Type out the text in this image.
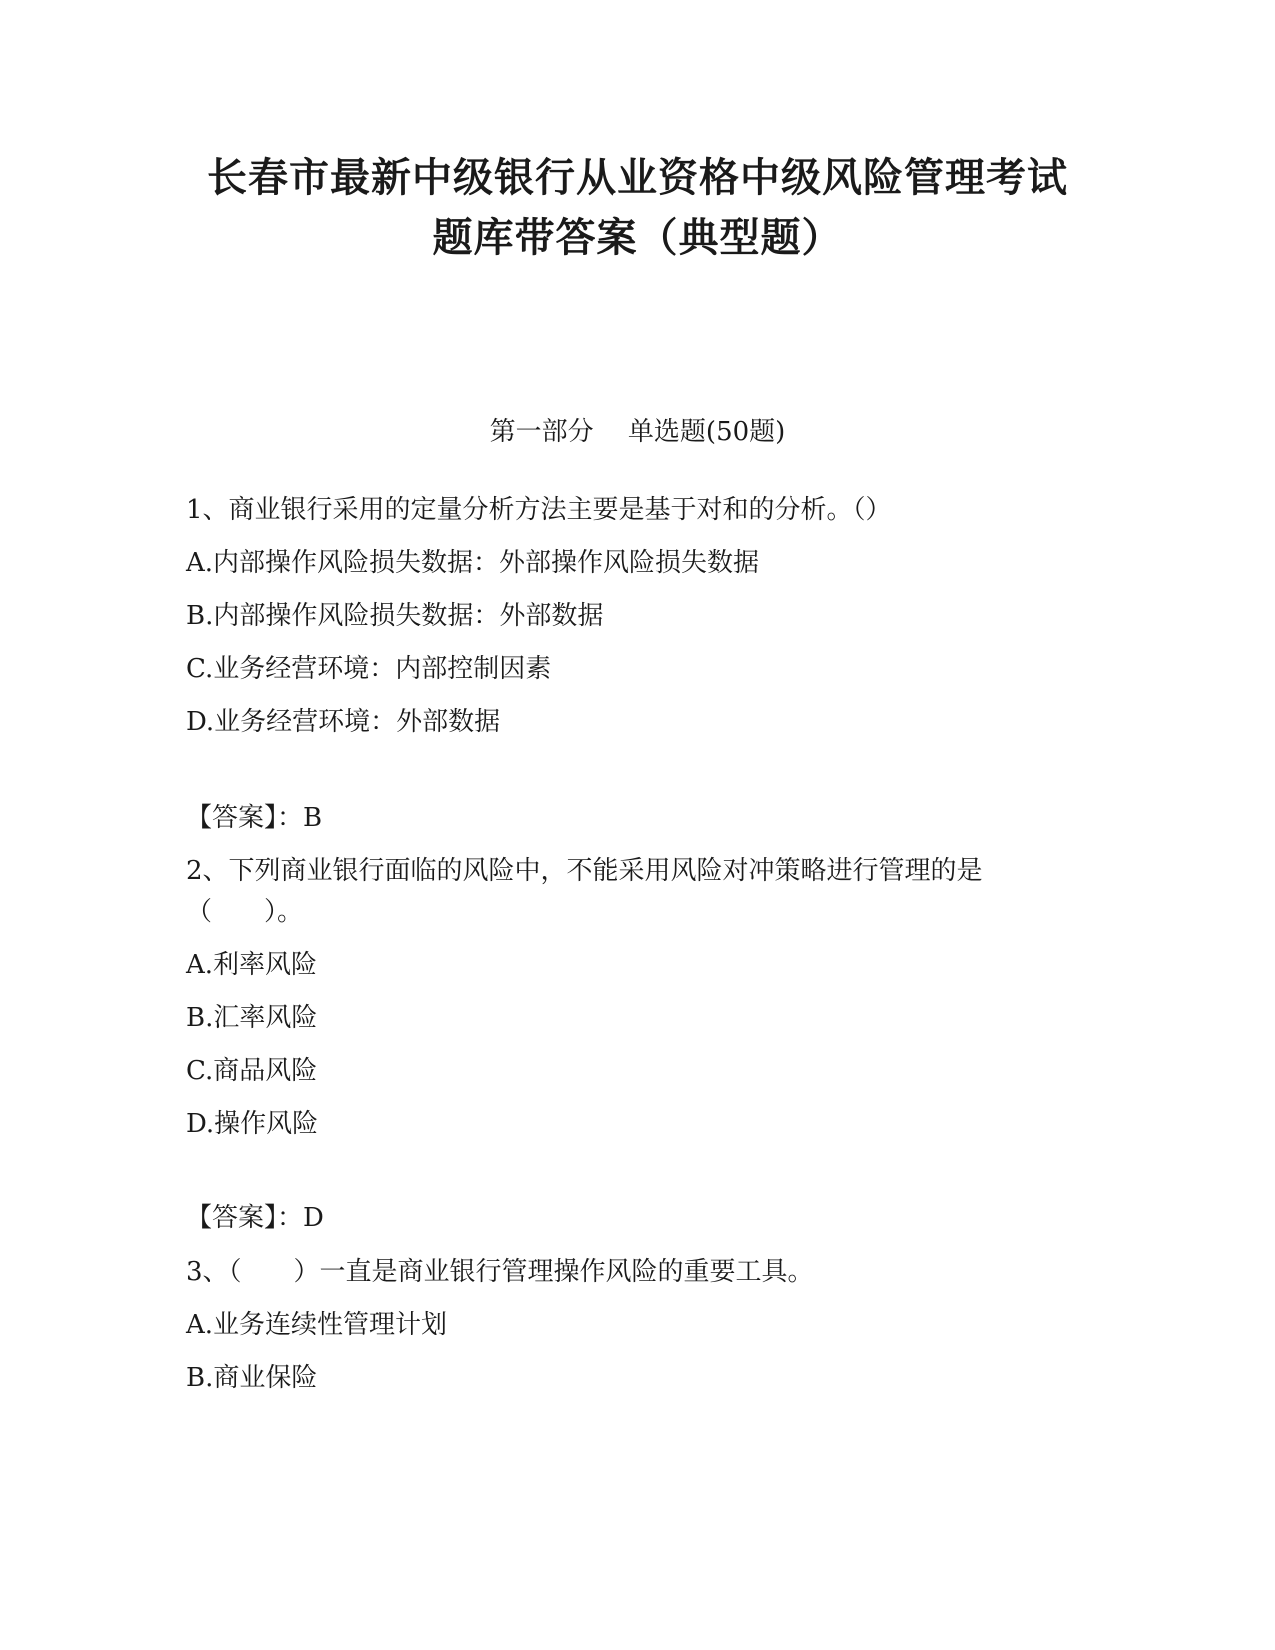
长春市最新中级银行从业资格中级风险管理考试
题库带答案（典型题）
第一部分　 单选题(50题)
1、商业银行采用的定量分析方法主要是基于对和的分析。（）
A.内部操作风险损失数据：外部操作风险损失数据
B.内部操作风险损失数据：外部数据
C.业务经营环境：内部控制因素
D.业务经营环境：外部数据
【答案】：B
2、下列商业银行面临的风险中，不能采用风险对冲策略进行管理的是
（　　）。
A.利率风险
B.汇率风险
C.商品风险
D.操作风险
【答案】：D
3、（　　）一直是商业银行管理操作风险的重要工具。
A.业务连续性管理计划
B.商业保险
